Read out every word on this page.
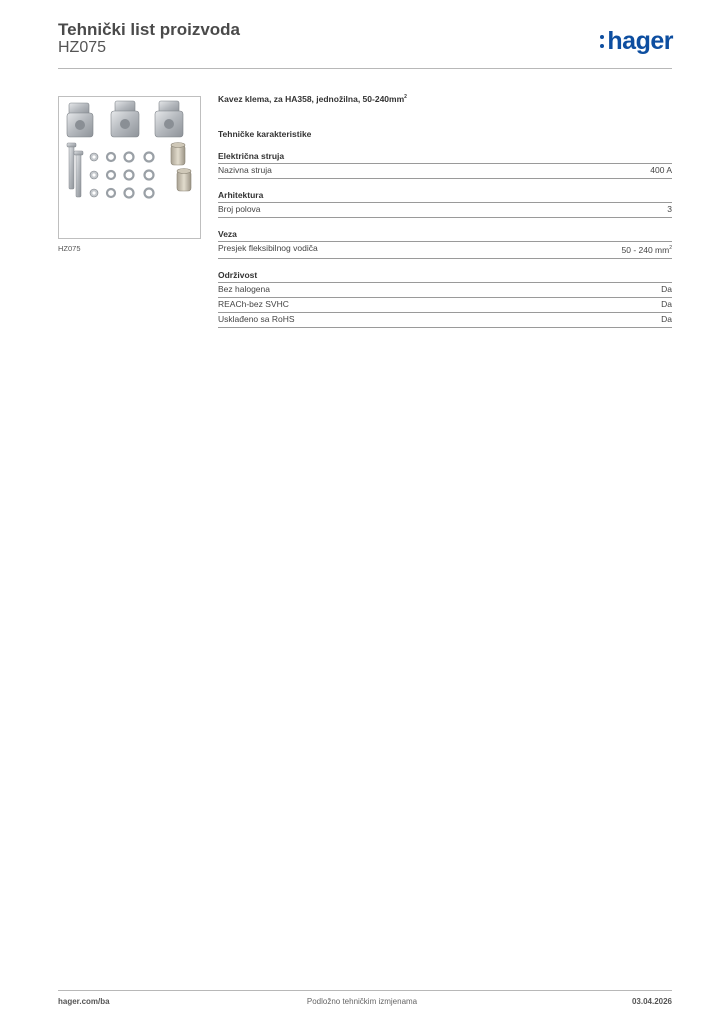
Tehnički list proizvoda
HZ075	hager
HZ075
Kavez klema, za HA358, jednožilna, $50-240mm^2$
Tehničke karakteristike
Električna struja
Nazivna struja	400 A
Arhitektura
Broj polova	3
Veza
Presjek fleksibilnog vodiča	50 - 240 $mm^2$
Održivost
Bez halogena	Da
REACh-bez SVHC	Da
Usklađeno sa RoHS	Da
hager.com/ba	Podložno tehničkim izmjenama	03.04.2026
